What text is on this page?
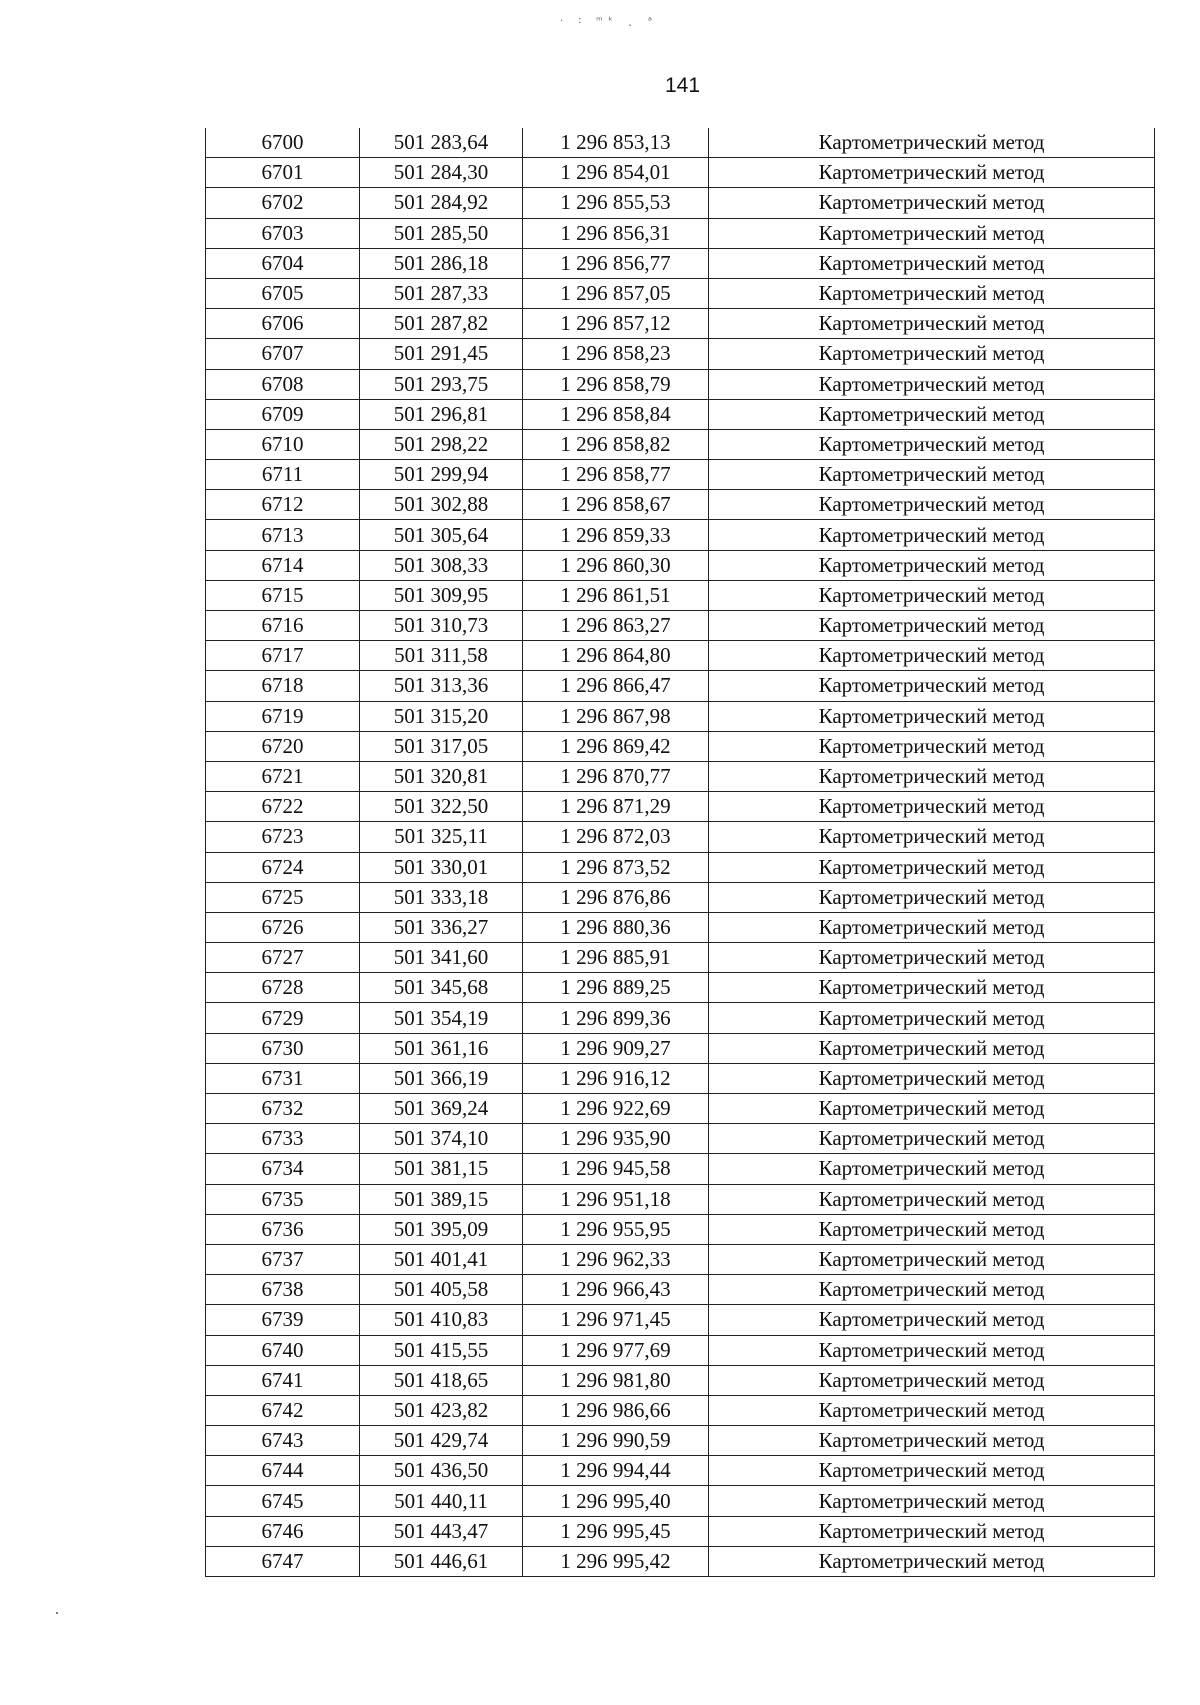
· ∶ ᵐᵏ ˛ ᵃ
141
6700	501 283,64	1 296 853,13	Картометрический метод
6701	501 284,30	1 296 854,01	Картометрический метод
6702	501 284,92	1 296 855,53	Картометрический метод
6703	501 285,50	1 296 856,31	Картометрический метод
6704	501 286,18	1 296 856,77	Картометрический метод
6705	501 287,33	1 296 857,05	Картометрический метод
6706	501 287,82	1 296 857,12	Картометрический метод
6707	501 291,45	1 296 858,23	Картометрический метод
6708	501 293,75	1 296 858,79	Картометрический метод
6709	501 296,81	1 296 858,84	Картометрический метод
6710	501 298,22	1 296 858,82	Картометрический метод
6711	501 299,94	1 296 858,77	Картометрический метод
6712	501 302,88	1 296 858,67	Картометрический метод
6713	501 305,64	1 296 859,33	Картометрический метод
6714	501 308,33	1 296 860,30	Картометрический метод
6715	501 309,95	1 296 861,51	Картометрический метод
6716	501 310,73	1 296 863,27	Картометрический метод
6717	501 311,58	1 296 864,80	Картометрический метод
6718	501 313,36	1 296 866,47	Картометрический метод
6719	501 315,20	1 296 867,98	Картометрический метод
6720	501 317,05	1 296 869,42	Картометрический метод
6721	501 320,81	1 296 870,77	Картометрический метод
6722	501 322,50	1 296 871,29	Картометрический метод
6723	501 325,11	1 296 872,03	Картометрический метод
6724	501 330,01	1 296 873,52	Картометрический метод
6725	501 333,18	1 296 876,86	Картометрический метод
6726	501 336,27	1 296 880,36	Картометрический метод
6727	501 341,60	1 296 885,91	Картометрический метод
6728	501 345,68	1 296 889,25	Картометрический метод
6729	501 354,19	1 296 899,36	Картометрический метод
6730	501 361,16	1 296 909,27	Картометрический метод
6731	501 366,19	1 296 916,12	Картометрический метод
6732	501 369,24	1 296 922,69	Картометрический метод
6733	501 374,10	1 296 935,90	Картометрический метод
6734	501 381,15	1 296 945,58	Картометрический метод
6735	501 389,15	1 296 951,18	Картометрический метод
6736	501 395,09	1 296 955,95	Картометрический метод
6737	501 401,41	1 296 962,33	Картометрический метод
6738	501 405,58	1 296 966,43	Картометрический метод
6739	501 410,83	1 296 971,45	Картометрический метод
6740	501 415,55	1 296 977,69	Картометрический метод
6741	501 418,65	1 296 981,80	Картометрический метод
6742	501 423,82	1 296 986,66	Картометрический метод
6743	501 429,74	1 296 990,59	Картометрический метод
6744	501 436,50	1 296 994,44	Картометрический метод
6745	501 440,11	1 296 995,40	Картометрический метод
6746	501 443,47	1 296 995,45	Картометрический метод
6747	501 446,61	1 296 995,42	Картометрический метод
